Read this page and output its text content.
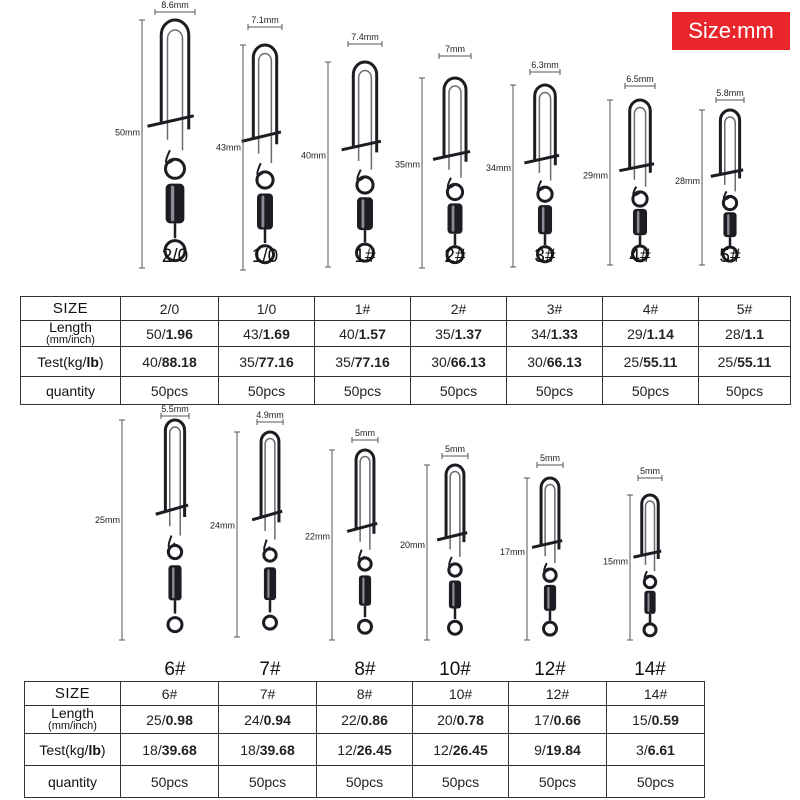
50mm
8.6mm
2/0
43mm
7.1mm
1/0
40mm
7.4mm
1#
35mm
7mm
2#
34mm
6.3mm
3#
29mm
6.5mm
4#
28mm
5.8mm
5#
25mm
5.5mm
6#
24mm
4.9mm
7#
22mm
5mm
8#
20mm
5mm
10#
17mm
5mm
12#
15mm
5mm
14#
Size:mm
SIZE	2/0	1/0	1#	2#	3#	4#	5#

Length
(mm/inch)	50/1.96	43/1.69	40/1.57	35/1.37	34/1.33	29/1.14	28/1.1
Test(kg/lb)	40/88.18	35/77.16	35/77.16	30/66.13	30/66.13	25/55.11	25/55.11
quantity	50pcs	50pcs	50pcs	50pcs	50pcs	50pcs	50pcs
SIZE	6#	7#	8#	10#	12#	14#

Length
(mm/inch)	25/0.98	24/0.94	22/0.86	20/0.78	17/0.66	15/0.59
Test(kg/lb)	18/39.68	18/39.68	12/26.45	12/26.45	9/19.84	3/6.61
quantity	50pcs	50pcs	50pcs	50pcs	50pcs	50pcs
